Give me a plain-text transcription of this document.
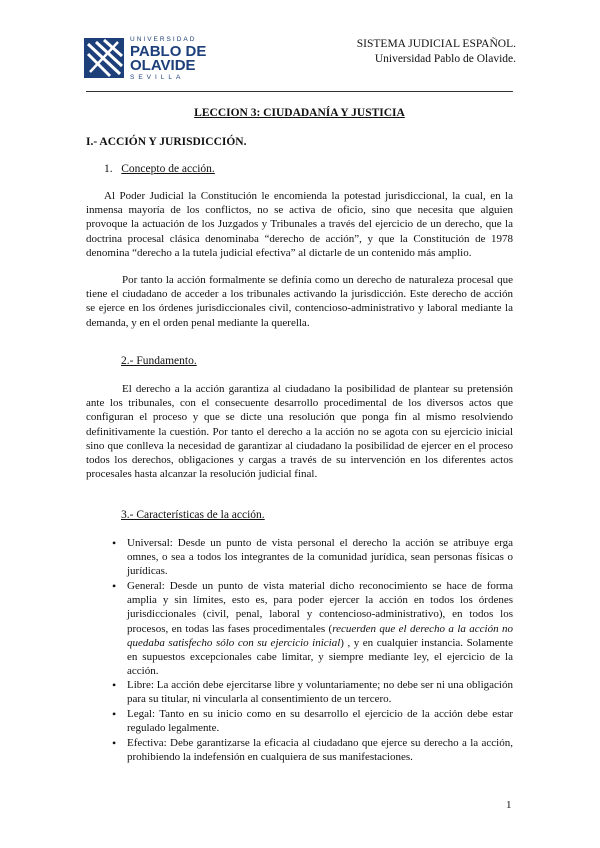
UNIVERSIDAD
PABLO DE
OLAVIDE
SEVILLA
SISTEMA JUDICIAL ESPAÑOL.
Universidad Pablo de Olavide.
LECCION 3: CIUDADANÍA Y JUSTICIA
I.- ACCIÓN Y JURISDICCIÓN.
1. Concepto de acción.
Al Poder Judicial la Constitución le encomienda la potestad jurisdiccional, la cual, en la inmensa mayoría de los conflictos, no se activa de oficio, sino que necesita que alguien provoque la actuación de los Juzgados y Tribunales a través del ejercicio de un derecho, que la doctrina procesal clásica denominaba “derecho de acción”, y que la Constitución de 1978 denomina “derecho a la tutela judicial efectiva” al dictarle de un contenido más amplio.
Por tanto la acción formalmente se definía como un derecho de naturaleza procesal que tiene el ciudadano de acceder a los tribunales activando la jurisdicción. Este derecho de acción se ejerce en los órdenes jurisdiccionales civil, contencioso-administrativo y laboral mediante la demanda, y en el orden penal mediante la querella.
2.- Fundamento.
El derecho a la acción garantiza al ciudadano la posibilidad de plantear su pretensión ante los tribunales, con el consecuente desarrollo procedimental de los diversos actos que configuran el proceso y que se dicte una resolución que ponga fin al mismo resolviendo definitivamente la cuestión. Por tanto el derecho a la acción no se agota con su ejercicio inicial sino que conlleva la necesidad de garantizar al ciudadano la posibilidad de ejercer en el proceso todos los derechos, obligaciones y cargas a través de su intervención en los diferentes actos procesales hasta alcanzar la resolución judicial final.
3.- Características de la acción.
• Universal: Desde un punto de vista personal el derecho la acción se atribuye erga omnes, o sea a todos los integrantes de la comunidad jurídica, sean personas físicas o jurídicas.
• General: Desde un punto de vista material dicho reconocimiento se hace de forma amplia y sin límites, esto es, para poder ejercer la acción en todos los órdenes jurisdiccionales (civil, penal, laboral y contencioso-administrativo), en todos los procesos, en todas las fases procedimentales (recuerden que el derecho a la acción no quedaba satisfecho sólo con su ejercicio inicial) , y en cualquier instancia. Solamente en supuestos excepcionales cabe limitar, y siempre mediante ley, el ejercicio de la acción.
• Libre: La acción debe ejercitarse libre y voluntariamente; no debe ser ni una obligación para su titular, ni vincularla al consentimiento de un tercero.
• Legal: Tanto en su inicio como en su desarrollo el ejercicio de la acción debe estar regulado legalmente.
• Efectiva: Debe garantizarse la eficacia al ciudadano que ejerce su derecho a la acción, prohibiendo la indefensión en cualquiera de sus manifestaciones.
1
